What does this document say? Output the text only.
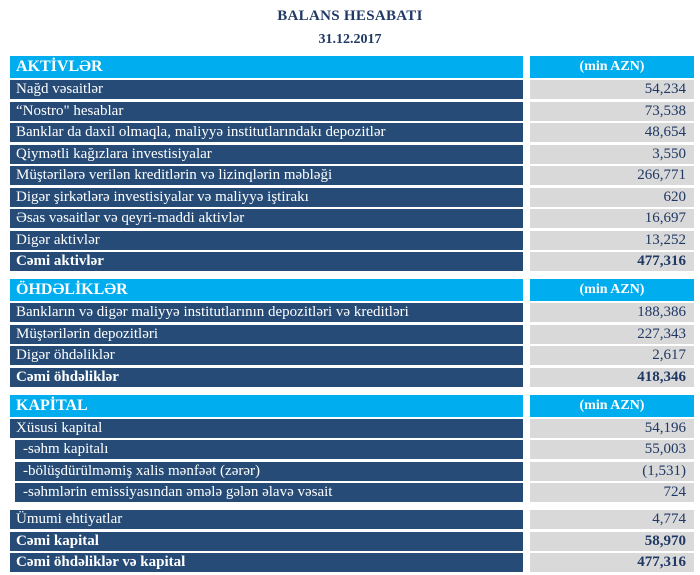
BALANS HESABATI
31.12.2017
AKTİVLƏR	(min AZN)
Nağd vəsaitlər	54,234
“Nostro" hesablar	73,538
Banklar da daxil olmaqla, maliyyə institutlarındakı depozitlər	48,654
Qiymətli kağızlara investisiyalar	3,550
Müştərilərə verilən kreditlərin və lizinqlərin məbləği	266,771
Digər şirkətlərə investisiyalar və maliyyə iştirakı	620
Əsas vəsaitlər və qeyri-maddi aktivlər	16,697
Digər aktivlər	13,252
Cəmi aktivlər	477,316
ÖHDƏLİKLƏR	(min AZN)
Bankların və digər maliyyə institutlarının depozitləri və kreditləri	188,386
Müştərilərin depozitləri	227,343
Digər öhdəliklər	2,617
Cəmi öhdəliklər	418,346
KAPİTAL	(min AZN)
Xüsusi kapital	54,196
-səhm kapitalı	55,003
-bölüşdürülməmiş xalis mənfəət (zərər)	(1,531)
-səhmlərin emissiyasından əmələ gələn əlavə vəsait	724
Ümumi ehtiyatlar	4,774
Cəmi kapital	58,970
Cəmi öhdəliklər və kapital	477,316
